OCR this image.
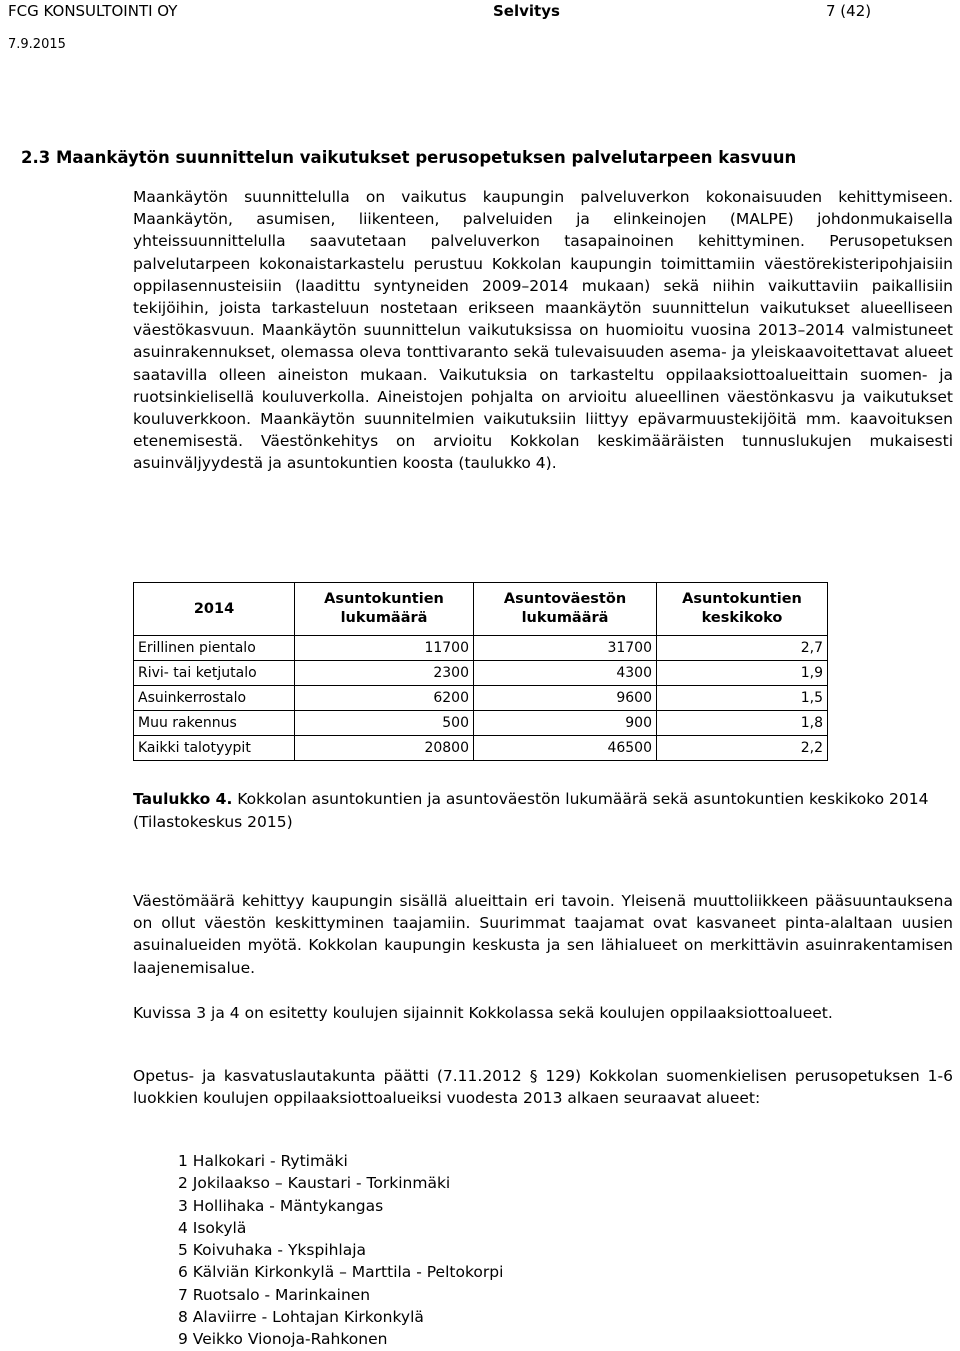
FCG KONSULTOINTI OY	Selvitys	7 (42)
7.9.2015
2.3 Maankäytön suunnittelun vaikutukset perusopetuksen palvelutarpeen kasvuun

Maankäytön suunnittelulla on vaikutus kaupungin palveluverkon kokonaisuuden kehittymiseen. Maankäytön, asumisen, liikenteen, palveluiden ja elinkeinojen (MALPE) johdonmukaisella yhteissuunnittelulla saavutetaan palveluverkon tasapainoinen kehittyminen. Perusopetuksen palvelutarpeen kokonaistarkastelu perustuu Kokkolan kaupungin toimittamiin väestörekisteripohjaisiin oppilasennusteisiin (laadittu syntyneiden 2009–2014 mukaan) sekä niihin vaikuttaviin paikallisiin tekijöihin, joista tarkasteluun nostetaan erikseen maankäytön suunnittelun vaikutukset alueelliseen väestökasvuun. Maankäytön suunnittelun vaikutuksissa on huomioitu vuosina 2013–2014 valmistuneet asuinrakennukset, olemassa oleva tonttivaranto sekä tulevaisuuden asema- ja yleiskaavoitettavat alueet saatavilla olleen aineiston mukaan. Vaikutuksia on tarkasteltu oppilaaksiottoalueittain suomen- ja ruotsinkielisellä kouluverkolla. Aineistojen pohjalta on arvioitu alueellinen väestönkasvu ja vaikutukset kouluverkkoon. Maankäytön suunnitelmien vaikutuksiin liittyy epävarmuustekijöitä mm. kaavoituksen etenemisestä. Väestönkehitys on arvioitu Kokkolan keskimääräisten tunnuslukujen mukaisesti asuinväljyydestä ja asuntokuntien koosta (taulukko 4).

2014	Asuntokuntien lukumäärä	Asuntoväestön lukumäärä	Asuntokuntien keskikoko
Erillinen pientalo	11700	31700	2,7
Rivi- tai ketjutalo	2300	4300	1,9
Asuinkerrostalo	6200	9600	1,5
Muu rakennus	500	900	1,8
Kaikki talotyypit	20800	46500	2,2
Taulukko 4. Kokkolan asuntokuntien ja asuntoväestön lukumäärä sekä asuntokuntien keskikoko 2014 (Tilastokeskus 2015)

Väestömäärä kehittyy kaupungin sisällä alueittain eri tavoin. Yleisenä muuttoliikkeen pääsuuntauksena on ollut väestön keskittyminen taajamiin. Suurimmat taajamat ovat kasvaneet pinta-alaltaan uusien asuinalueiden myötä. Kokkolan kaupungin keskusta ja sen lähialueet on merkittävin asuinrakentamisen laajenemisalue.

Kuvissa 3 ja 4 on esitetty koulujen sijainnit Kokkolassa sekä koulujen oppilaaksiottoalueet.

Opetus- ja kasvatuslautakunta päätti (7.11.2012 § 129) Kokkolan suomenkielisen perusopetuksen 1-6 luokkien koulujen oppilaaksiottoalueiksi vuodesta 2013 alkaen seuraavat alueet:

1 Halkokari - Rytimäki
2 Jokilaakso – Kaustari - Torkinmäki
3 Hollihaka - Mäntykangas
4 Isokylä
5 Koivuhaka - Ykspihlaja
6 Kälviän Kirkonkylä – Marttila - Peltokorpi
7 Ruotsalo - Marinkainen
8 Alaviirre - Lohtajan Kirkonkylä
9 Veikko Vionoja-Rahkonen
